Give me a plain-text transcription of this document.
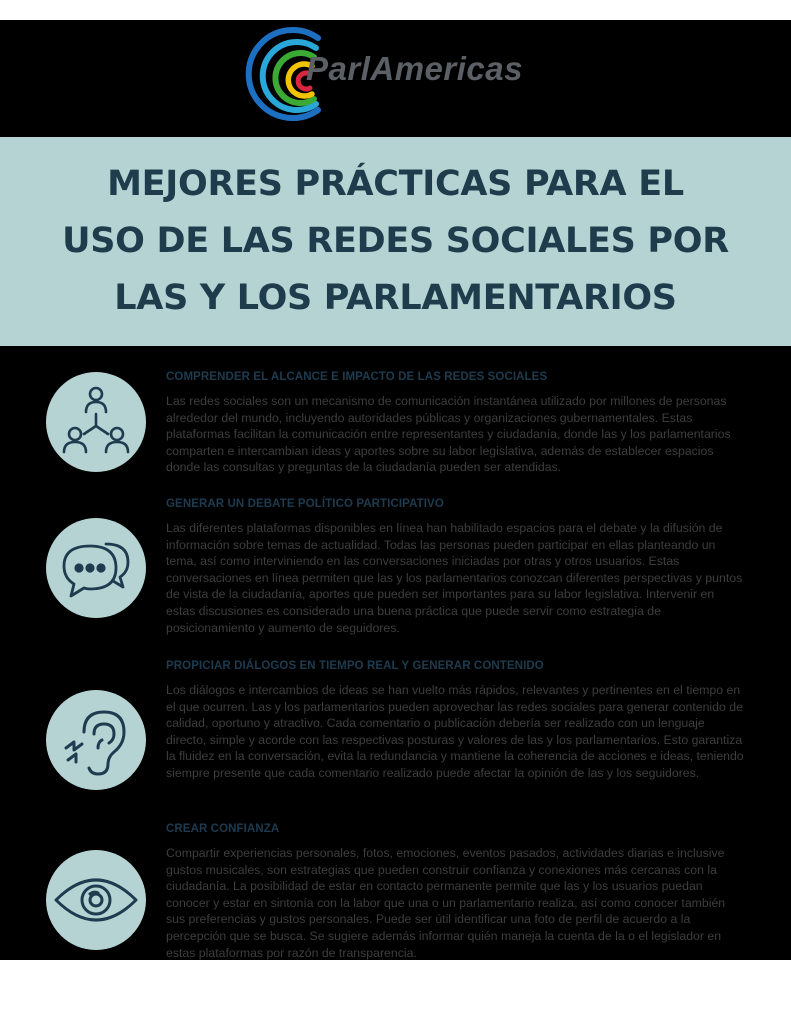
ParlAmericas
MEJORES PRÁCTICAS PARA EL
USO DE LAS REDES SOCIALES POR
LAS Y LOS PARLAMENTARIOS
COMPRENDER EL ALCANCE E IMPACTO DE LAS REDES SOCIALES

Las redes sociales son un mecanismo de comunicación instantánea utilizado por millones de personas alrededor del mundo, incluyendo autoridades públicas y organizaciones gubernamentales. Estas plataformas facilitan la comunicación entre representantes y ciudadanía, donde las y los parlamentarios comparten e intercambian ideas y aportes sobre su labor legislativa, además de establecer espacios donde las consultas y preguntas de la ciudadanía pueden ser atendidas.

GENERAR UN DEBATE POLÍTICO PARTICIPATIVO

Las diferentes plataformas disponibles en línea han habilitado espacios para el debate y la difusión de información sobre temas de actualidad. Todas las personas pueden participar en ellas planteando un tema, así como interviniendo en las conversaciones iniciadas por otras y otros usuarios. Estas conversaciones en línea permiten que las y los parlamentarios conozcan diferentes perspectivas y puntos de vista de la ciudadanía, aportes que pueden ser importantes para su labor legislativa. Intervenir en estas discusiones es considerado una buena práctica que puede servir como estrategia de posicionamiento y aumento de seguidores.

PROPICIAR DIÁLOGOS EN TIEMPO REAL Y GENERAR CONTENIDO

Los diálogos e intercambios de ideas se han vuelto más rápidos, relevantes y pertinentes en el tiempo en el que ocurren. Las y los parlamentarios pueden aprovechar las redes sociales para generar contenido de calidad, oportuno y atractivo. Cada comentario o publicación debería ser realizado con un lenguaje directo, simple y acorde con las respectivas posturas y valores de las y los parlamentarios. Esto garantiza la fluidez en la conversación, evita la redundancia y mantiene la coherencia de acciones e ideas, teniendo siempre presente que cada comentario realizado puede afectar la opinión de las y los seguidores.

CREAR CONFIANZA

Compartir experiencias personales, fotos, emociones, eventos pasados, actividades diarias e inclusive gustos musicales, son estrategias que pueden construir confianza y conexiones más cercanas con la ciudadanía. La posibilidad de estar en contacto permanente permite que las y los usuarios puedan conocer y estar en sintonía con la labor que una o un parlamentario realiza, así como conocer también sus preferencias y gustos personales. Puede ser útil identificar una foto de perfil de acuerdo a la percepción que se busca. Se sugiere además informar quién maneja la cuenta de la o el legislador en estas plataformas por razón de transparencia.
